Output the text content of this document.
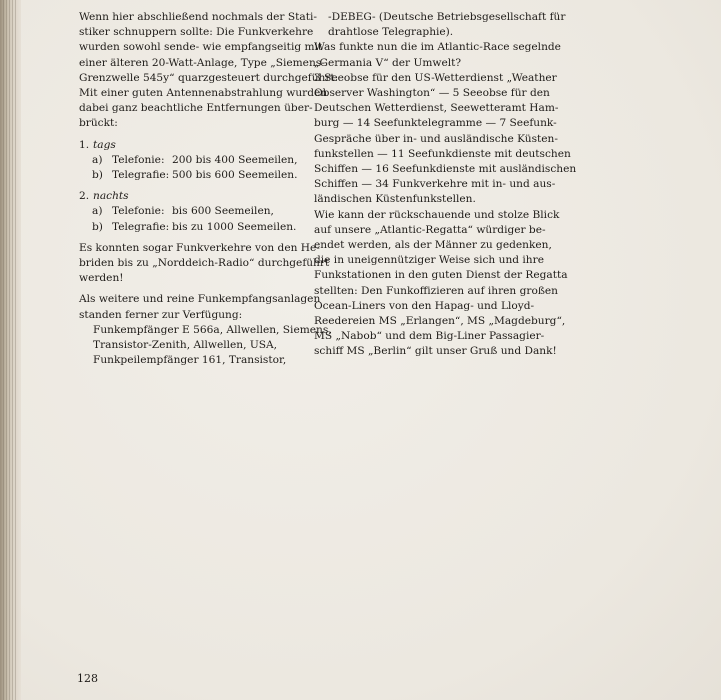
Wenn hier abschließend nochmals der Stati-
stiker schnuppern sollte: Die Funkverkehre
wurden sowohl sende- wie empfangseitig mit
einer älteren 20-Watt-Anlage, Type „Siemens-
Grenzwelle 545y“ quarzgesteuert durchgeführt.
Mit einer guten Antennenabstrahlung wurden
dabei ganz beachtliche Entfernungen über-
brückt:
1. tags
a) Telefonie: 200 bis 400 Seemeilen,
b) Telegrafie: 500 bis 600 Seemeilen.
2. nachts
a) Telefonie: bis 600 Seemeilen,
b) Telegrafie: bis zu 1000 Seemeilen.
Es konnten sogar Funkverkehre von den He-
briden bis zu „Norddeich-Radio“ durchgeführt
werden!
Als weitere und reine Funkempfangsanlagen
standen ferner zur Verfügung:
Funkempfänger E 566a, Allwellen, Siemens,
Transistor-Zenith, Allwellen, USA,
Funkpeilempfänger 161, Transistor,
-DEBEG- (Deutsche Betriebsgesellschaft für
drahtlose Telegraphie).
Was funkte nun die im Atlantic-Race segelnde
„Germania V“ der Umwelt?
3 Seeobse für den US-Wetterdienst „Weather
Observer Washington“ — 5 Seeobse für den
Deutschen Wetterdienst, Seewetteramt Ham-
burg — 14 Seefunktelegramme — 7 Seefunk-
Gespräche über in- und ausländische Küsten-
funkstellen — 11 Seefunkdienste mit deutschen
Schiffen — 16 Seefunkdienste mit ausländischen
Schiffen — 34 Funkverkehre mit in- und aus-
ländischen Küstenfunkstellen.
Wie kann der rückschauende und stolze Blick
auf unsere „Atlantic-Regatta“ würdiger be-
endet werden, als der Männer zu gedenken,
die in uneigennütziger Weise sich und ihre
Funkstationen in den guten Dienst der Regatta
stellten: Den Funkoffizieren auf ihren großen
Ocean-Liners von den Hapag- und Lloyd-
Reedereien MS „Erlangen“, MS „Magdeburg“,
MS „Nabob“ und dem Big-Liner Passagier-
schiff MS „Berlin“ gilt unser Gruß und Dank!
128
